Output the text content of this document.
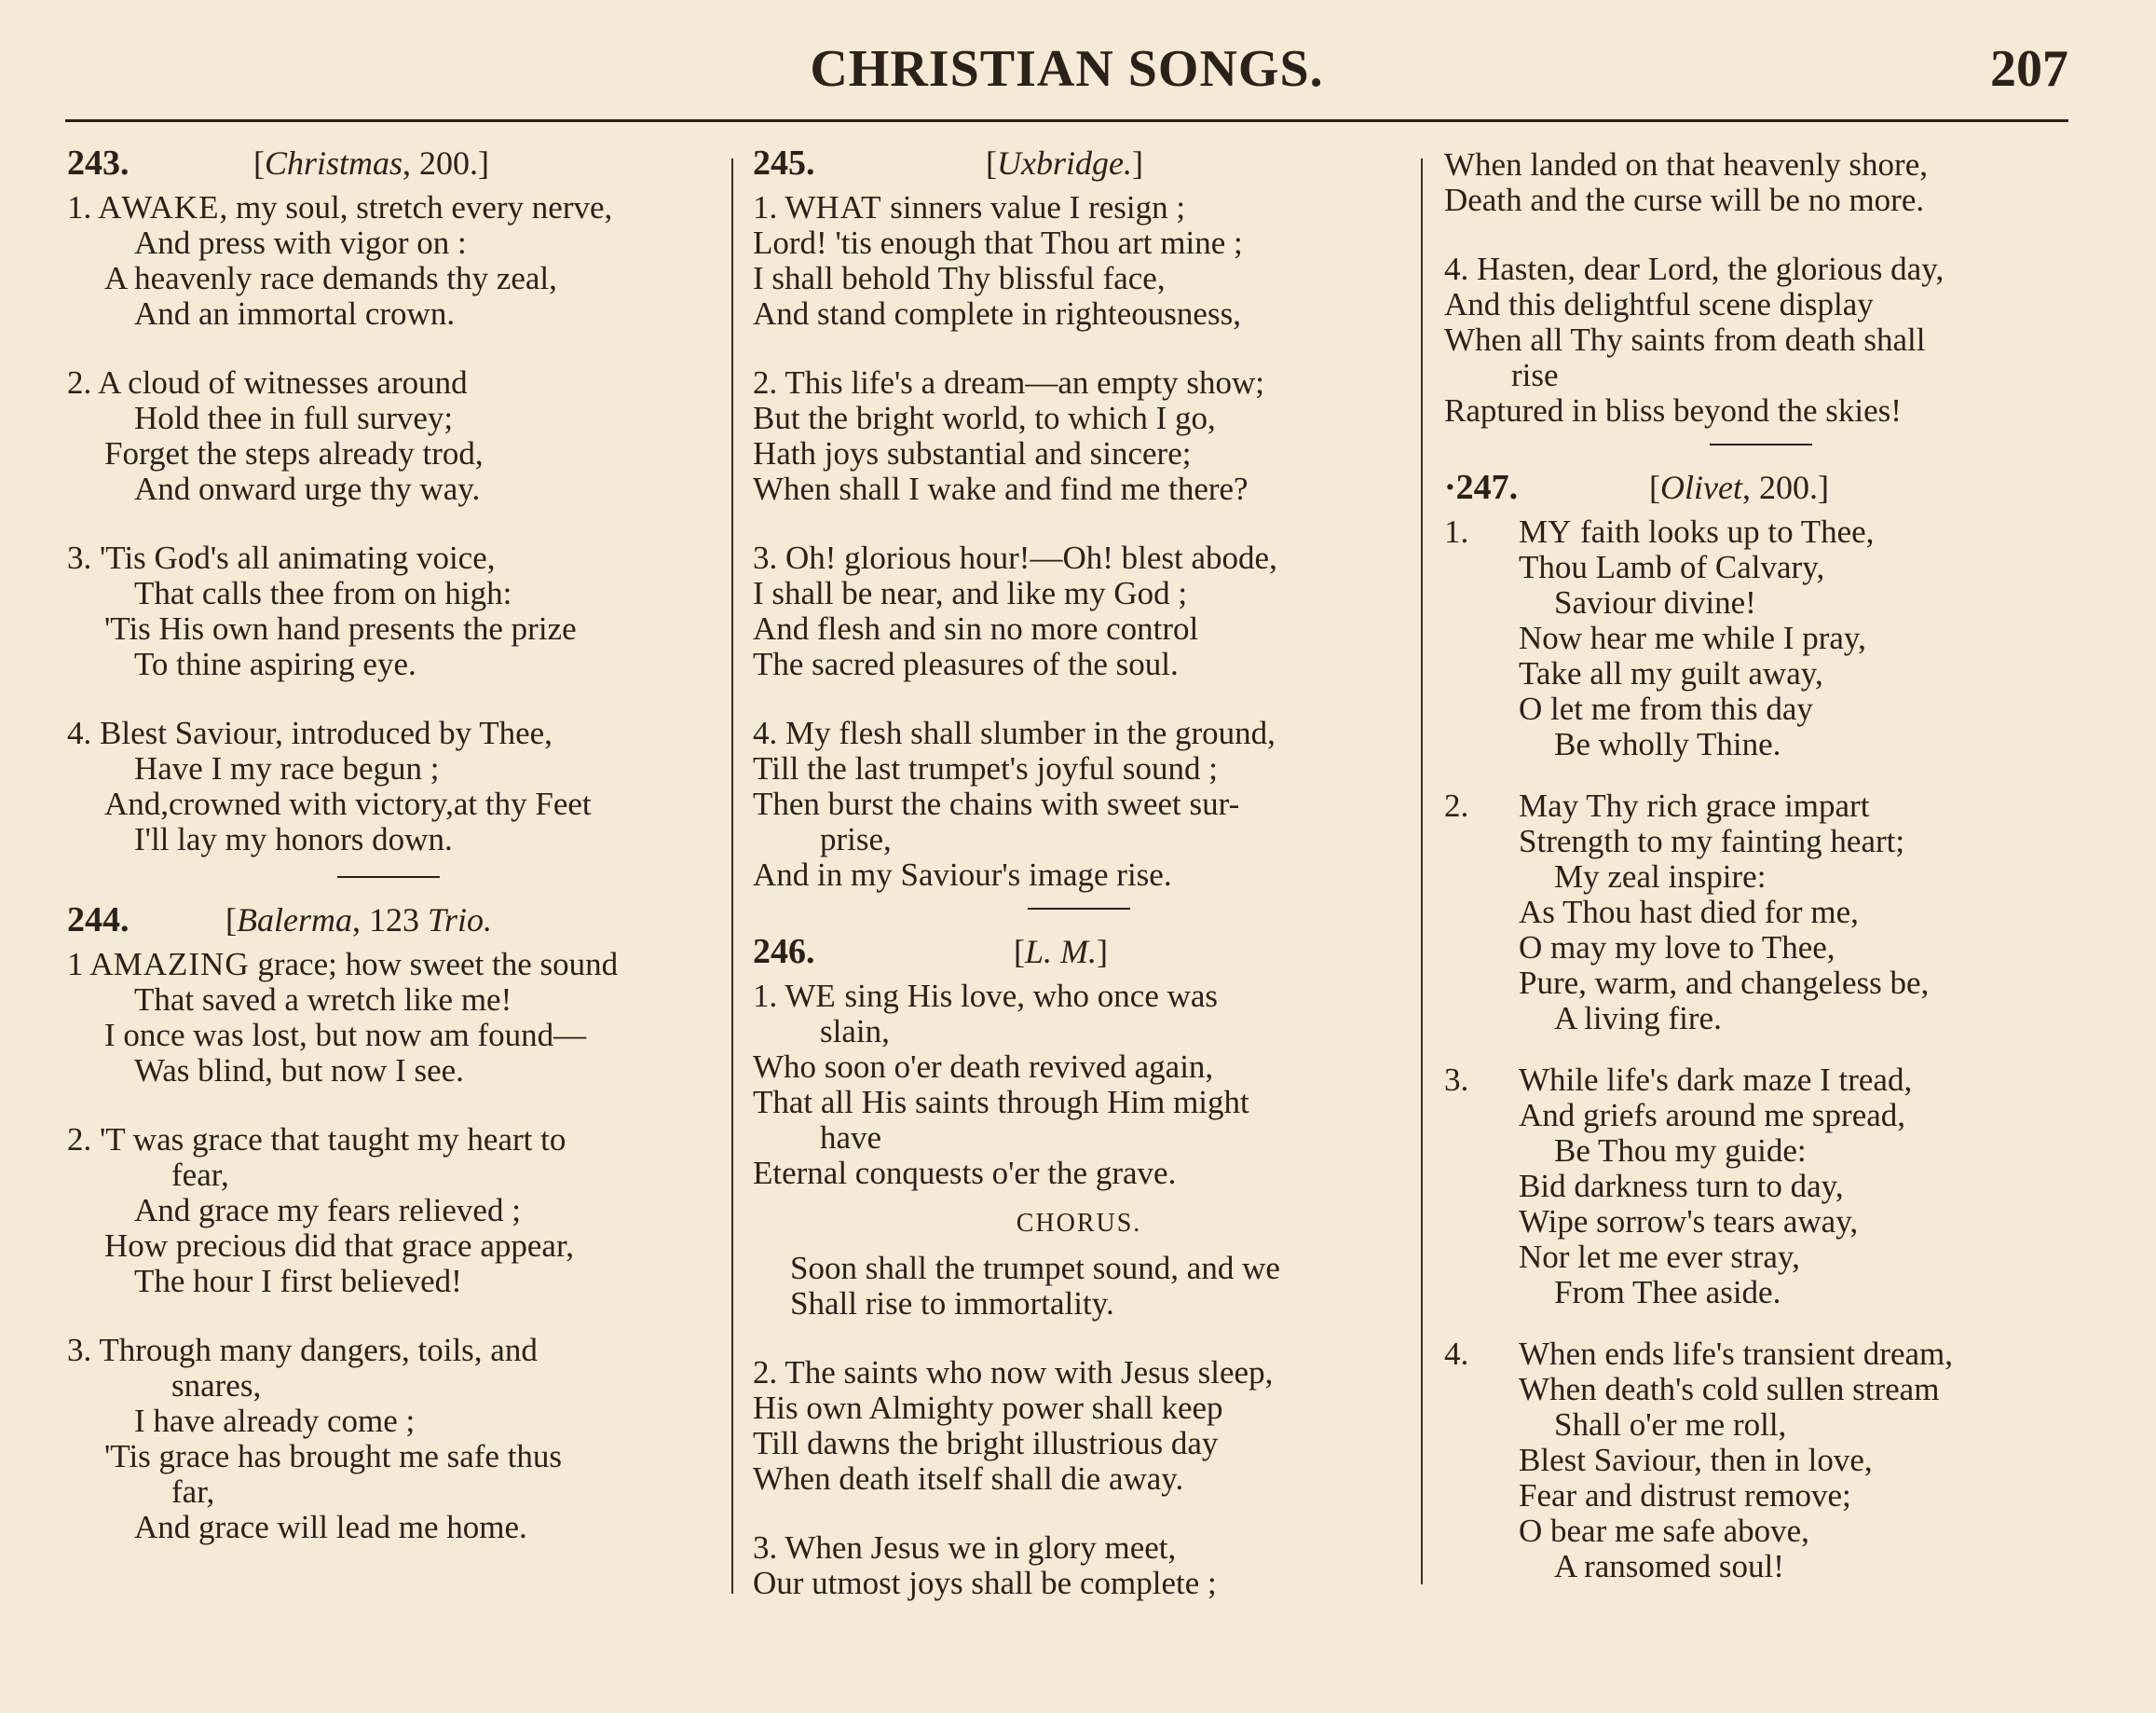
CHRISTIAN SONGS.	207
243.	[Christmas, 200.]
1. AWAKE, my soul, stretch every nerve,
And press with vigor on :
A heavenly race demands thy zeal,
And an immortal crown.
2. A cloud of witnesses around
Hold thee in full survey;
Forget the steps already trod,
And onward urge thy way.
3. 'Tis God's all animating voice,
That calls thee from on high:
'Tis His own hand presents the prize
To thine aspiring eye.
4. Blest Saviour, introduced by Thee,
Have I my race begun ;
And,crowned with victory,at thy Feet
I'll lay my honors down.
244.	[Balerma, 123 Trio.
1 AMAZING grace; how sweet the sound
That saved a wretch like me!
I once was lost, but now am found—
Was blind, but now I see.
2. 'T was grace that taught my heart to
fear,
And grace my fears relieved ;
How precious did that grace appear,
The hour I first believed!
3. Through many dangers, toils, and
snares,
I have already come ;
'Tis grace has brought me safe thus
far,
And grace will lead me home.
245.	[Uxbridge.]
1. WHAT sinners value I resign ;
Lord! 'tis enough that Thou art mine ;
I shall behold Thy blissful face,
And stand complete in righteousness,
2. This life's a dream—an empty show;
But the bright world, to which I go,
Hath joys substantial and sincere;
When shall I wake and find me there?
3. Oh! glorious hour!—Oh! blest abode,
I shall be near, and like my God ;
And flesh and sin no more control
The sacred pleasures of the soul.
4. My flesh shall slumber in the ground,
Till the last trumpet's joyful sound ;
Then burst the chains with sweet sur-
prise,
And in my Saviour's image rise.
246.	[L. M.]
1. WE sing His love, who once was
slain,
Who soon o'er death revived again,
That all His saints through Him might
have
Eternal conquests o'er the grave.
CHORUS.
Soon shall the trumpet sound, and we
Shall rise to immortality.
2. The saints who now with Jesus sleep,
His own Almighty power shall keep
Till dawns the bright illustrious day
When death itself shall die away.
3. When Jesus we in glory meet,
Our utmost joys shall be complete ;
When landed on that heavenly shore,
Death and the curse will be no more.
4. Hasten, dear Lord, the glorious day,
And this delightful scene display
When all Thy saints from death shall
rise
Raptured in bliss beyond the skies!
·247.	[Olivet, 200.]
1. MY faith looks up to Thee,
Thou Lamb of Calvary,
Saviour divine!
Now hear me while I pray,
Take all my guilt away,
O let me from this day
Be wholly Thine.
2. May Thy rich grace impart
Strength to my fainting heart;
My zeal inspire:
As Thou hast died for me,
O may my love to Thee,
Pure, warm, and changeless be,
A living fire.
3. While life's dark maze I tread,
And griefs around me spread,
Be Thou my guide:
Bid darkness turn to day,
Wipe sorrow's tears away,
Nor let me ever stray,
From Thee aside.
4. When ends life's transient dream,
When death's cold sullen stream
Shall o'er me roll,
Blest Saviour, then in love,
Fear and distrust remove;
O bear me safe above,
A ransomed soul!
